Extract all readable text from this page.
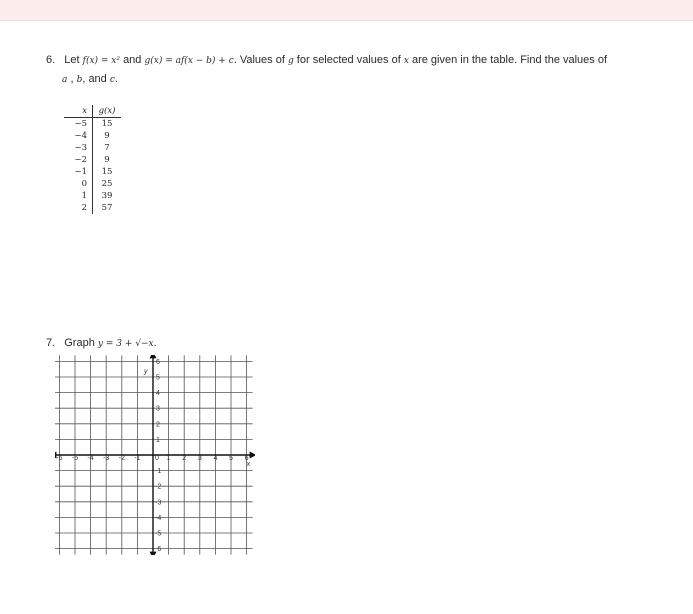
6. Let f(x) = x² and g(x) = af(x − b) + c. Values of g for selected values of x are given in the table. Find the values of
a , b, and c.
x	g(x)
−5	15
−4	9
−3	7
−2	9
−1	15
0	25
1	39
2	57
7. Graph y = 3 + √−x.
-6 -5 -4 -3 -2 -1 0 1 2 3 4 5 6
6
5
4
3
2
1
-1
-2
-3
-4
-5
-6
x
y
